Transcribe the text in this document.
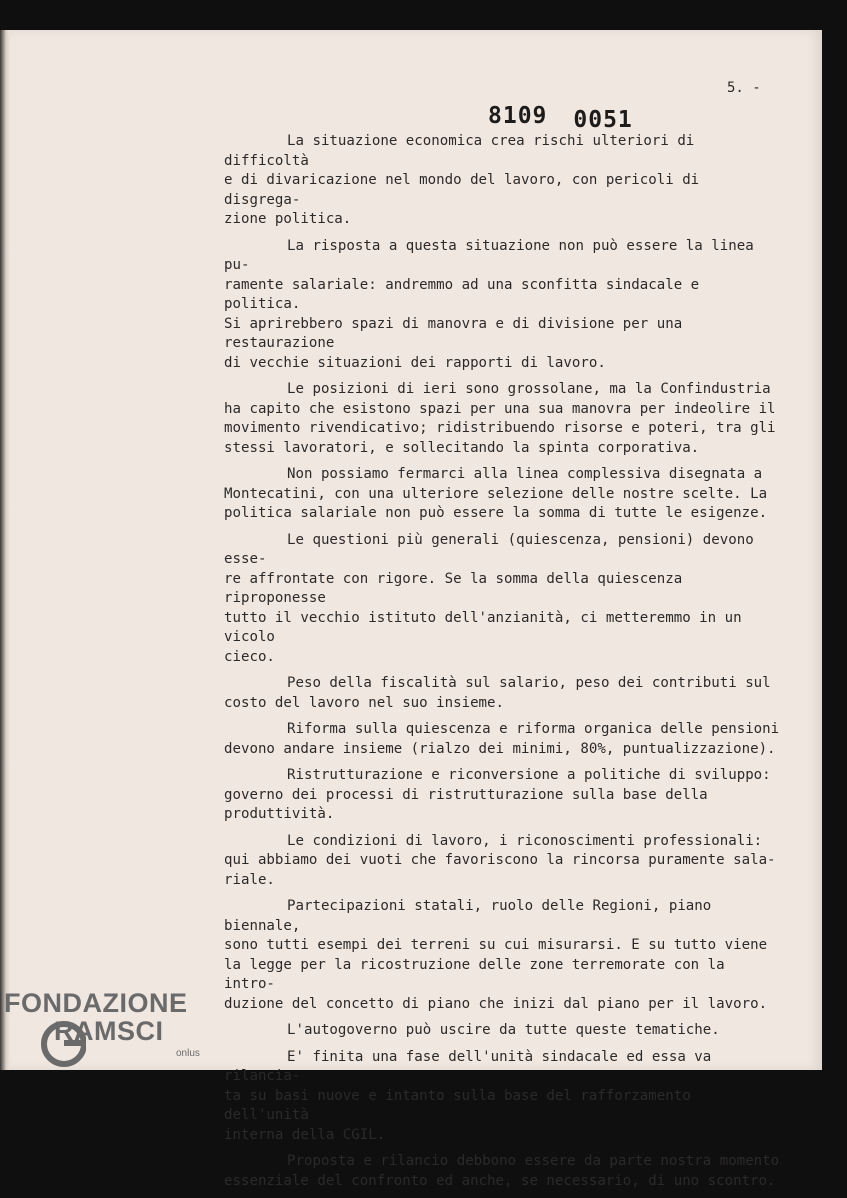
5. -
8109 0051

La situazione economica crea rischi ulteriori di difficoltà
e di divaricazione nel mondo del lavoro, con pericoli di disgrega-
zione politica.

La risposta a questa situazione non può essere la linea pu-
ramente salariale: andremmo ad una sconfitta sindacale e politica.
Si aprirebbero spazi di manovra e di divisione per una restaurazione
di vecchie situazioni dei rapporti di lavoro.

Le posizioni di ieri sono grossolane, ma la Confindustria
ha capito che esistono spazi per una sua manovra per indeolire il
movimento rivendicativo; ridistribuendo risorse e poteri, tra gli
stessi lavoratori, e sollecitando la spinta corporativa.

Non possiamo fermarci alla linea complessiva disegnata a
Montecatini, con una ulteriore selezione delle nostre scelte. La
politica salariale non può essere la somma di tutte le esigenze.

Le questioni più generali (quiescenza, pensioni) devono esse-
re affrontate con rigore. Se la somma della quiescenza riproponesse
tutto il vecchio istituto dell'anzianità, ci metteremmo in un vicolo
cieco.

Peso della fiscalità sul salario, peso dei contributi sul
costo del lavoro nel suo insieme.

Riforma sulla quiescenza e riforma organica delle pensioni
devono andare insieme (rialzo dei minimi, 80%, puntualizzazione).

Ristrutturazione e riconversione a politiche di sviluppo:
governo dei processi di ristrutturazione sulla base della produttività.

Le condizioni di lavoro, i riconoscimenti professionali:
qui abbiamo dei vuoti che favoriscono la rincorsa puramente sala-
riale.

Partecipazioni statali, ruolo delle Regioni, piano biennale,
sono tutti esempi dei terreni su cui misurarsi. E su tutto viene
la legge per la ricostruzione delle zone terremorate con la intro-
duzione del concetto di piano che inizi dal piano per il lavoro.

L'autogoverno può uscire da tutte queste tematiche.

E' finita una fase dell'unità sindacale ed essa va rilancia-
ta su basi nuove e intanto sulla base del rafforzamento dell'unità
interna della CGIL.

Proposta e rilancio debbono essere da parte nostra momento
essenziale del confronto ed anche, se necessario, di uno scontro.

FONDAZIONE
RAMSCI
onlus
